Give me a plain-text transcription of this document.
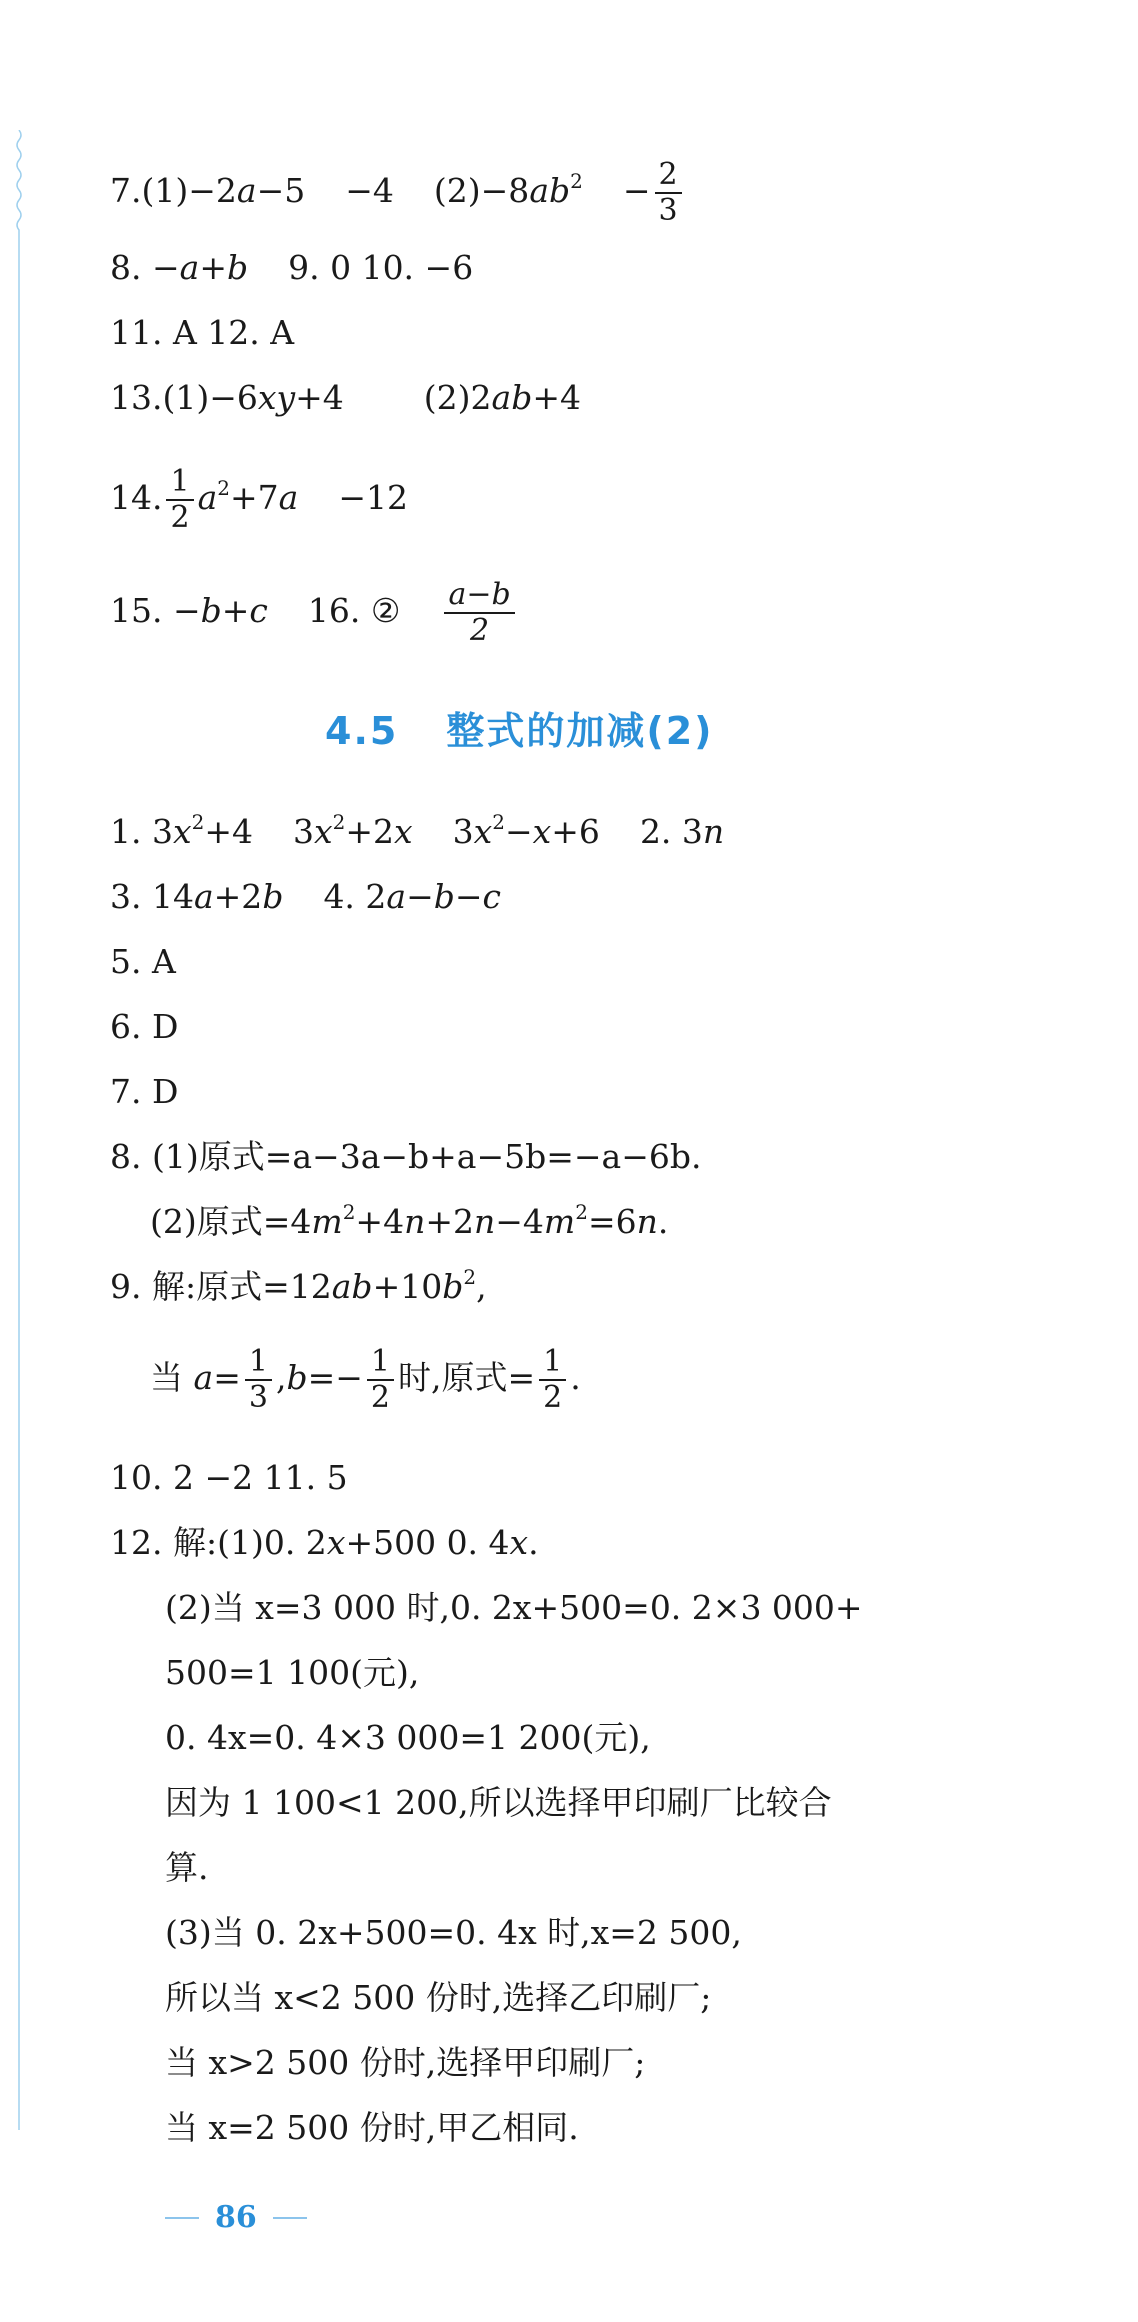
7.(1)−2a−5 −4 $(2)-8ab^2 - \frac{2}{3}$
8. −a+b 9. 0 10. −6
11. A 12. A
13.(1)−6xy+4 (2)2ab+4
14. $\frac{1}{2} a^2+7a -12$
15. −b+c 16. ② $\frac{a-b}{2}$
4.5 整式的加减(2)
1. $3x^2+4$ $3x^2+2x$ $3x^2-x+6$ 2. 3n
3. 14a+2b 4. 2a−b−c
5. A
6. D
7. D
8. (1)原式=a−3a−b+a−5b=−a−6b.
(2)原式$=4m^2+4n+2n-4m^2=6n$.
9. 解:原式$=12ab+10b^2$,
当 $a= \frac{1}{3} ,b=- \frac{1}{2}$ 时,原式= $\frac{1}{2}$ .
10. 2 −2 11. 5
12. 解:(1)0. 2x+500 0. 4x.
(2)当 x=3 000 时,0. 2x+500=0. 2×3 000+
500=1 100(元),
0. 4x=0. 4×3 000=1 200(元),
因为 1 100<1 200,所以选择甲印刷厂比较合
算.
(3)当 0. 2x+500=0. 4x 时,x=2 500,
所以当 x<2 500 份时,选择乙印刷厂;
当 x>2 500 份时,选择甲印刷厂;
当 x=2 500 份时,甲乙相同.
86
